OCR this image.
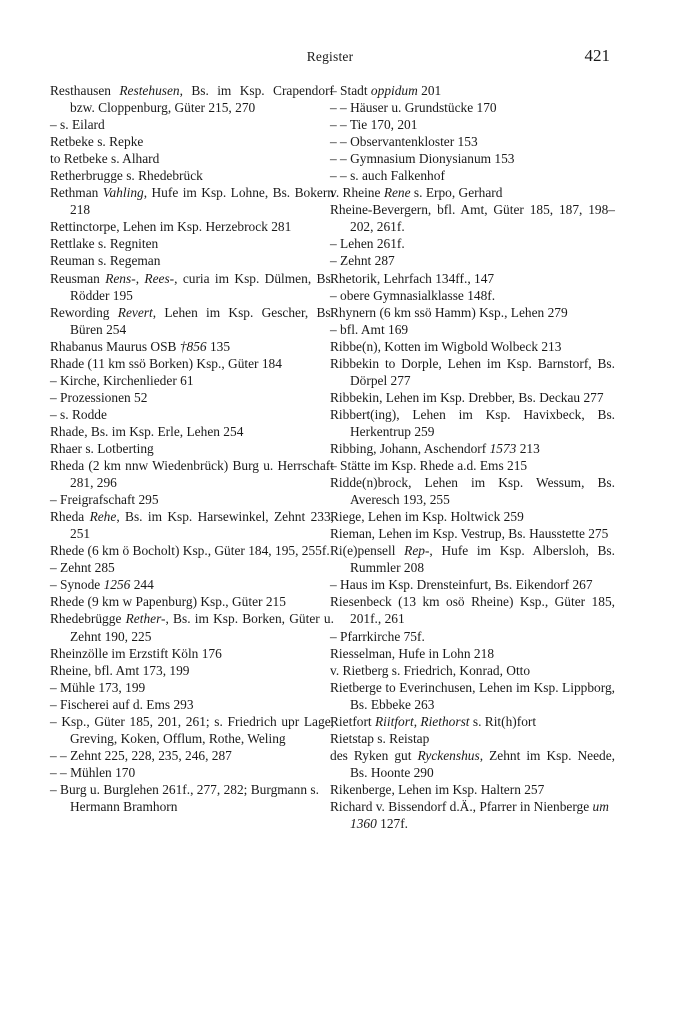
Register	421

Resthausen Restehusen, Bs. im Ksp. Crapendorf bzw. Cloppenburg, Güter 215, 270

– s. Eilard

Retbeke s. Repke

to Retbeke s. Alhard

Retherbrugge s. Rhedebrück

Rethman Vahling, Hufe im Ksp. Lohne, Bs. Bokern 218

Rettinctorpe, Lehen im Ksp. Herzebrock 281

Rettlake s. Regniten

Reuman s. Regeman

Reusman Rens-, Rees-, curia im Ksp. Dülmen, Bs. Rödder 195

Rewording Revert, Lehen im Ksp. Gescher, Bs. Büren 254

Rhabanus Maurus OSB †856 135

Rhade (11 km ssö Borken) Ksp., Güter 184

– Kirche, Kirchenlieder 61

– Prozessionen 52

– s. Rodde

Rhade, Bs. im Ksp. Erle, Lehen 254

Rhaer s. Lotberting

Rheda (2 km nnw Wiedenbrück) Burg u. Herrschaft 281, 296

– Freigrafschaft 295

Rheda Rehe, Bs. im Ksp. Harsewinkel, Zehnt 233, 251

Rhede (6 km ö Bocholt) Ksp., Güter 184, 195, 255f.

– Zehnt 285

– Synode 1256 244

Rhede (9 km w Papenburg) Ksp., Güter 215

Rhedebrügge Rether-, Bs. im Ksp. Borken, Güter u. Zehnt 190, 225

Rheinzölle im Erzstift Köln 176

Rheine, bfl. Amt 173, 199

– Mühle 173, 199

– Fischerei auf d. Ems 293

– Ksp., Güter 185, 201, 261; s. Friedrich upr Lage, Greving, Koken, Offlum, Rothe, Weling

– – Zehnt 225, 228, 235, 246, 287

– – Mühlen 170

– Burg u. Burglehen 261f., 277, 282; Burgmann s. Hermann Bramhorn

– Stadt oppidum 201

– – Häuser u. Grundstücke 170

– – Tie 170, 201

– – Observantenkloster 153

– – Gymnasium Dionysianum 153

– – s. auch Falkenhof

v. Rheine Rene s. Erpo, Gerhard

Rheine-Bevergern, bfl. Amt, Güter 185, 187, 198–202, 261f.

– Lehen 261f.

– Zehnt 287

Rhetorik, Lehrfach 134ff., 147

– obere Gymnasialklasse 148f.

Rhynern (6 km ssö Hamm) Ksp., Lehen 279

– bfl. Amt 169

Ribbe(n), Kotten im Wigbold Wolbeck 213

Ribbekin to Dorple, Lehen im Ksp. Barnstorf, Bs. Dörpel 277

Ribbekin, Lehen im Ksp. Drebber, Bs. Deckau 277

Ribbert(ing), Lehen im Ksp. Havixbeck, Bs. Herkentrup 259

Ribbing, Johann, Aschendorf 1573 213

– Stätte im Ksp. Rhede a.d. Ems 215

Ridde(n)brock, Lehen im Ksp. Wessum, Bs. Averesch 193, 255

Riege, Lehen im Ksp. Holtwick 259

Rieman, Lehen im Ksp. Vestrup, Bs. Hausstette 275

Ri(e)pensell Rep-, Hufe im Ksp. Albersloh, Bs. Rummler 208

– Haus im Ksp. Drensteinfurt, Bs. Eikendorf 267

Riesenbeck (13 km osö Rheine) Ksp., Güter 185, 201f., 261

– Pfarrkirche 75f.

Riesselman, Hufe in Lohn 218

v. Rietberg s. Friedrich, Konrad, Otto

Rietberge to Everinchusen, Lehen im Ksp. Lippborg, Bs. Ebbeke 263

Rietfort Riitfort, Riethorst s. Rit(h)fort

Rietstap s. Reistap

des Ryken gut Ryckenshus, Zehnt im Ksp. Neede, Bs. Hoonte 290

Rikenberge, Lehen im Ksp. Haltern 257

Richard v. Bissendorf d.Ä., Pfarrer in Nienberge um 1360 127f.
